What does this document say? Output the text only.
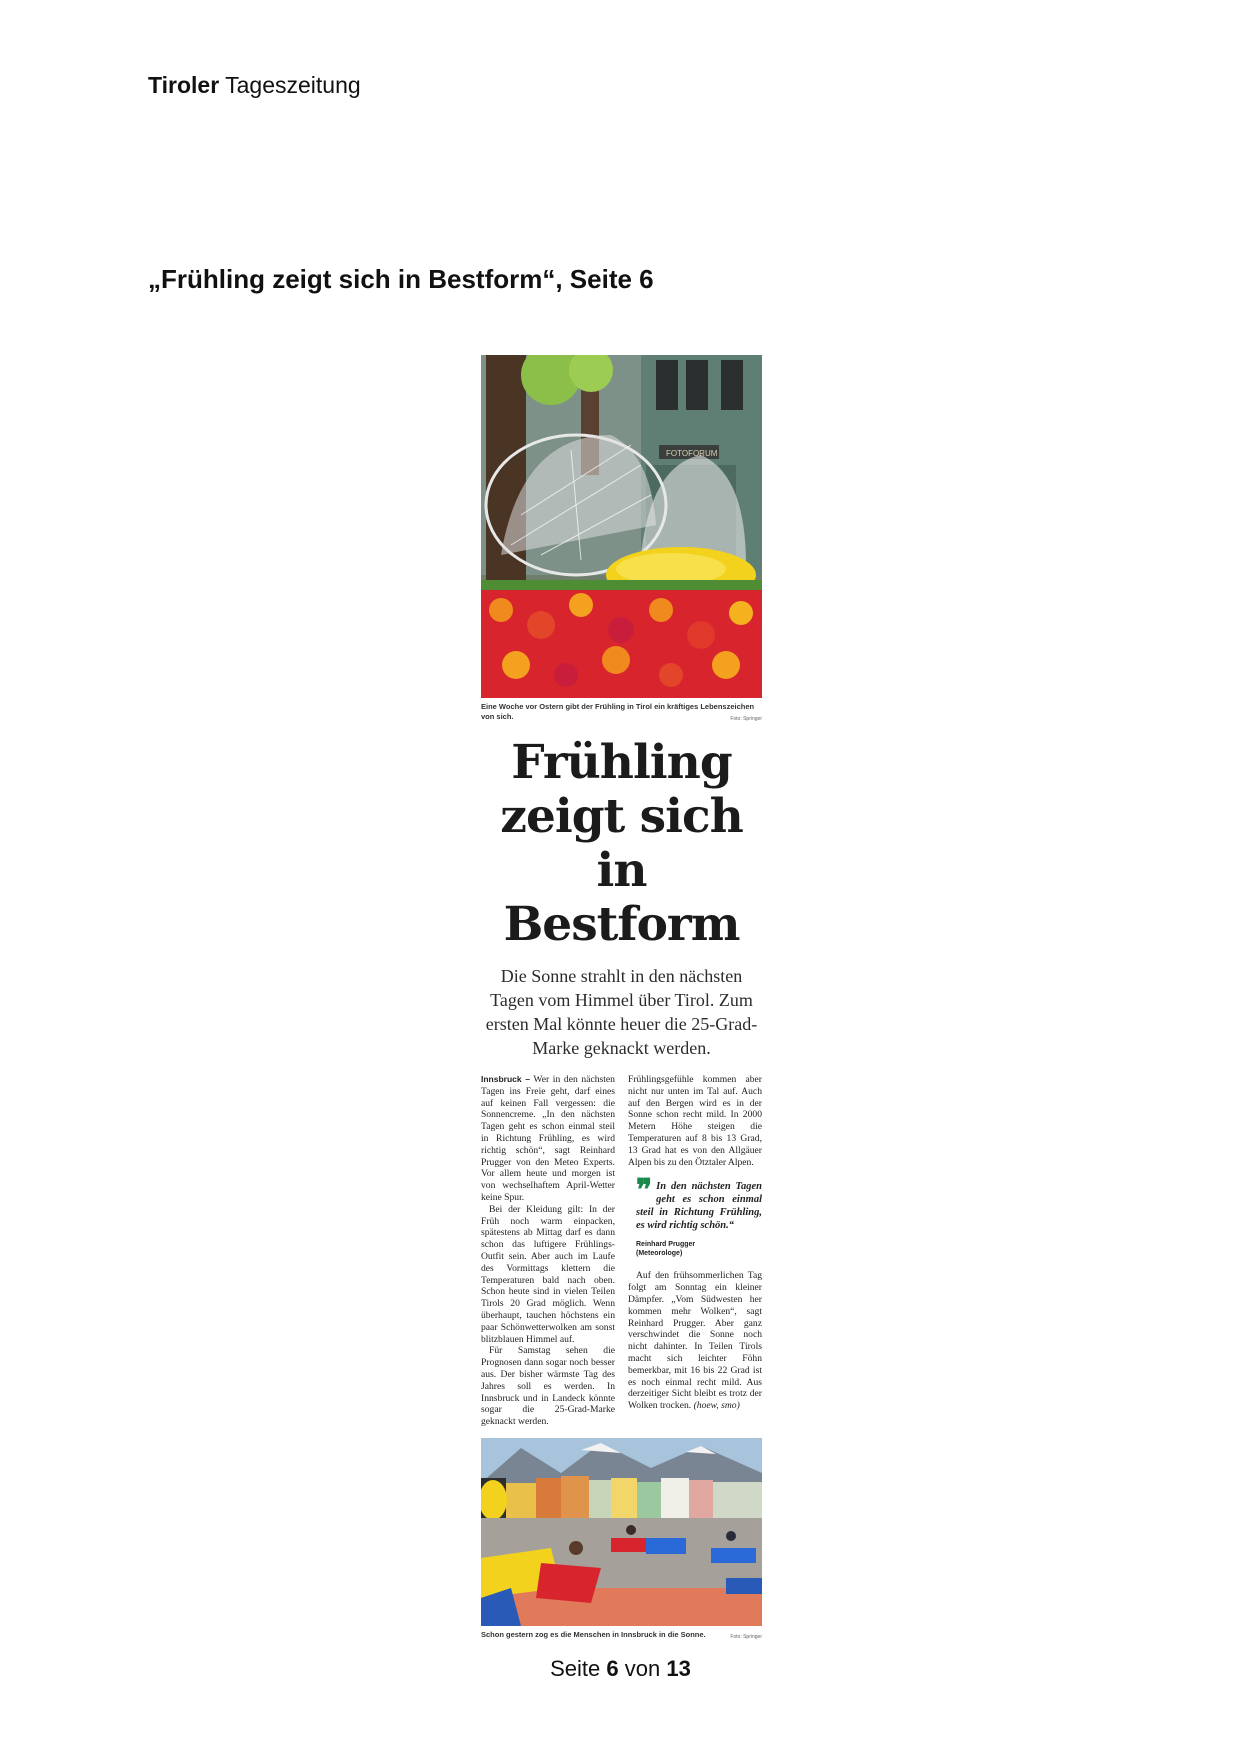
Tiroler Tageszeitung
„Frühling zeigt sich in Bestform“, Seite 6
FOTOFORUM
Eine Woche vor Ostern gibt der Frühling in Tirol ein kräftiges Lebenszeichen von sich.	Foto: Springer
Frühling
zeigt sich in
Bestform
Die Sonne strahlt in den nächsten Tagen vom Himmel über Tirol. Zum ersten Mal könnte heuer die 25-Grad-Marke geknackt werden.

Innsbruck – Wer in den nächsten Tagen ins Freie geht, darf eines auf keinen Fall vergessen: die Sonnencreme. „In den nächsten Tagen geht es schon einmal steil in Richtung Frühling, es wird richtig schön“, sagt Reinhard Prugger von den Meteo Experts. Vor allem heute und morgen ist von wechselhaftem April-Wetter keine Spur.

Bei der Kleidung gilt: In der Früh noch warm einpacken, spätestens ab Mittag darf es dann schon das luftigere Frühlings-Outfit sein. Aber auch im Laufe des Vormittags klettern die Temperaturen bald nach oben. Schon heute sind in vielen Teilen Tirols 20 Grad möglich. Wenn überhaupt, tauchen höchstens ein paar Schönwetterwolken am sonst blitzblauen Himmel auf.

Für Samstag sehen die Prognosen dann sogar noch besser aus. Der bisher wärmste Tag des Jahres soll es werden. In Innsbruck und in Landeck könnte sogar die 25-Grad-Marke geknackt werden.

Frühlingsgefühle kommen aber nicht nur unten im Tal auf. Auch auf den Bergen wird es in der Sonne schon recht mild. In 2000 Metern Höhe steigen die Temperaturen auf 8 bis 13 Grad, 13 Grad hat es von den Allgäuer Alpen bis zu den Ötztaler Alpen.

❞ In den nächsten Tagen geht es schon einmal steil in Richtung Frühling, es wird richtig schön.“
Reinhard Prugger
(Meteorologe)

Auf den frühsommerlichen Tag folgt am Sonntag ein kleiner Dämpfer. „Vom Südwesten her kommen mehr Wolken“, sagt Reinhard Prugger. Aber ganz verschwindet die Sonne noch nicht dahinter. In Teilen Tirols macht sich leichter Föhn bemerkbar, mit 16 bis 22 Grad ist es noch einmal recht mild. Aus derzeitiger Sicht bleibt es trotz der Wolken trocken. (hoew, smo)

Schon gestern zog es die Menschen in Innsbruck in die Sonne.	Foto: Springer
Seite 6 von 13
